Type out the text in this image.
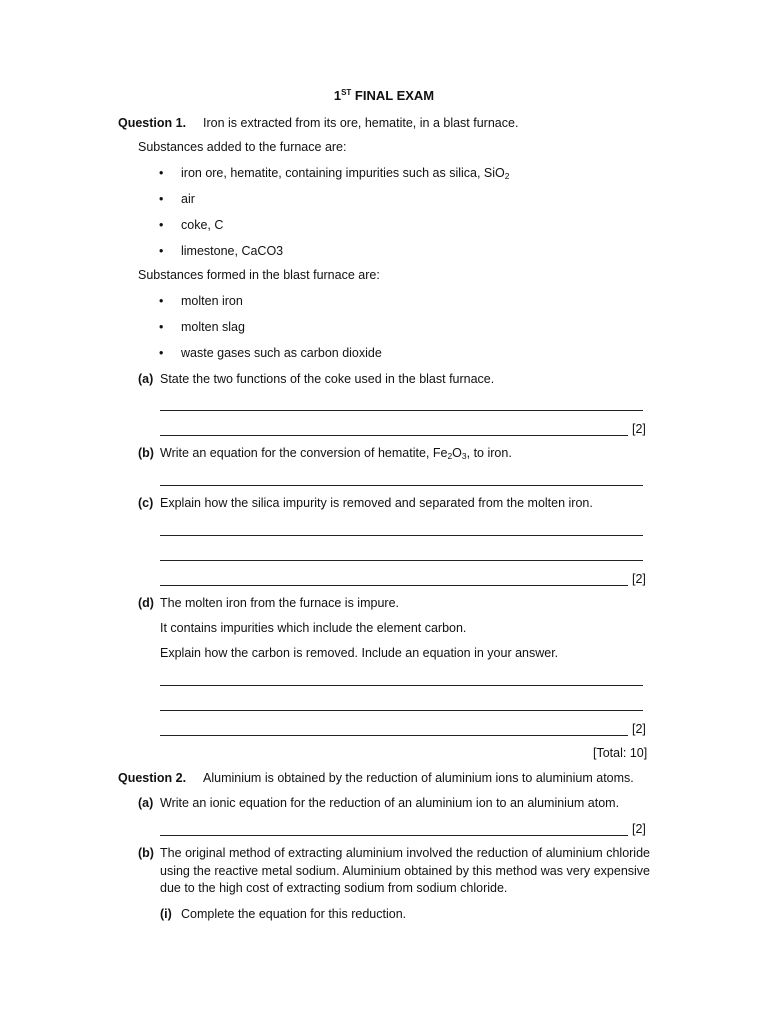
1ST FINAL EXAM
Question 1. Iron is extracted from its ore, hematite, in a blast furnace.
Substances added to the furnace are:
iron ore, hematite, containing impurities such as silica, SiO$_2$
air
coke, C
limestone, CaCO3
Substances formed in the blast furnace are:
molten iron
molten slag
waste gases such as carbon dioxide
(a) State the two functions of the coke used in the blast furnace.
[2]
(b) Write an equation for the conversion of hematite, $Fe_2O_3$, to iron.
(c) Explain how the silica impurity is removed and separated from the molten iron.
[2]
(d) The molten iron from the furnace is impure.
It contains impurities which include the element carbon.
Explain how the carbon is removed. Include an equation in your answer.
[2]
[Total: 10]
Question 2. Aluminium is obtained by the reduction of aluminium ions to aluminium atoms.
(a) Write an ionic equation for the reduction of an aluminium ion to an aluminium atom.
[2]
(b) The original method of extracting aluminium involved the reduction of aluminium chloride using the reactive metal sodium. Aluminium obtained by this method was very expensive due to the high cost of extracting sodium from sodium chloride.
(i) Complete the equation for this reduction.
